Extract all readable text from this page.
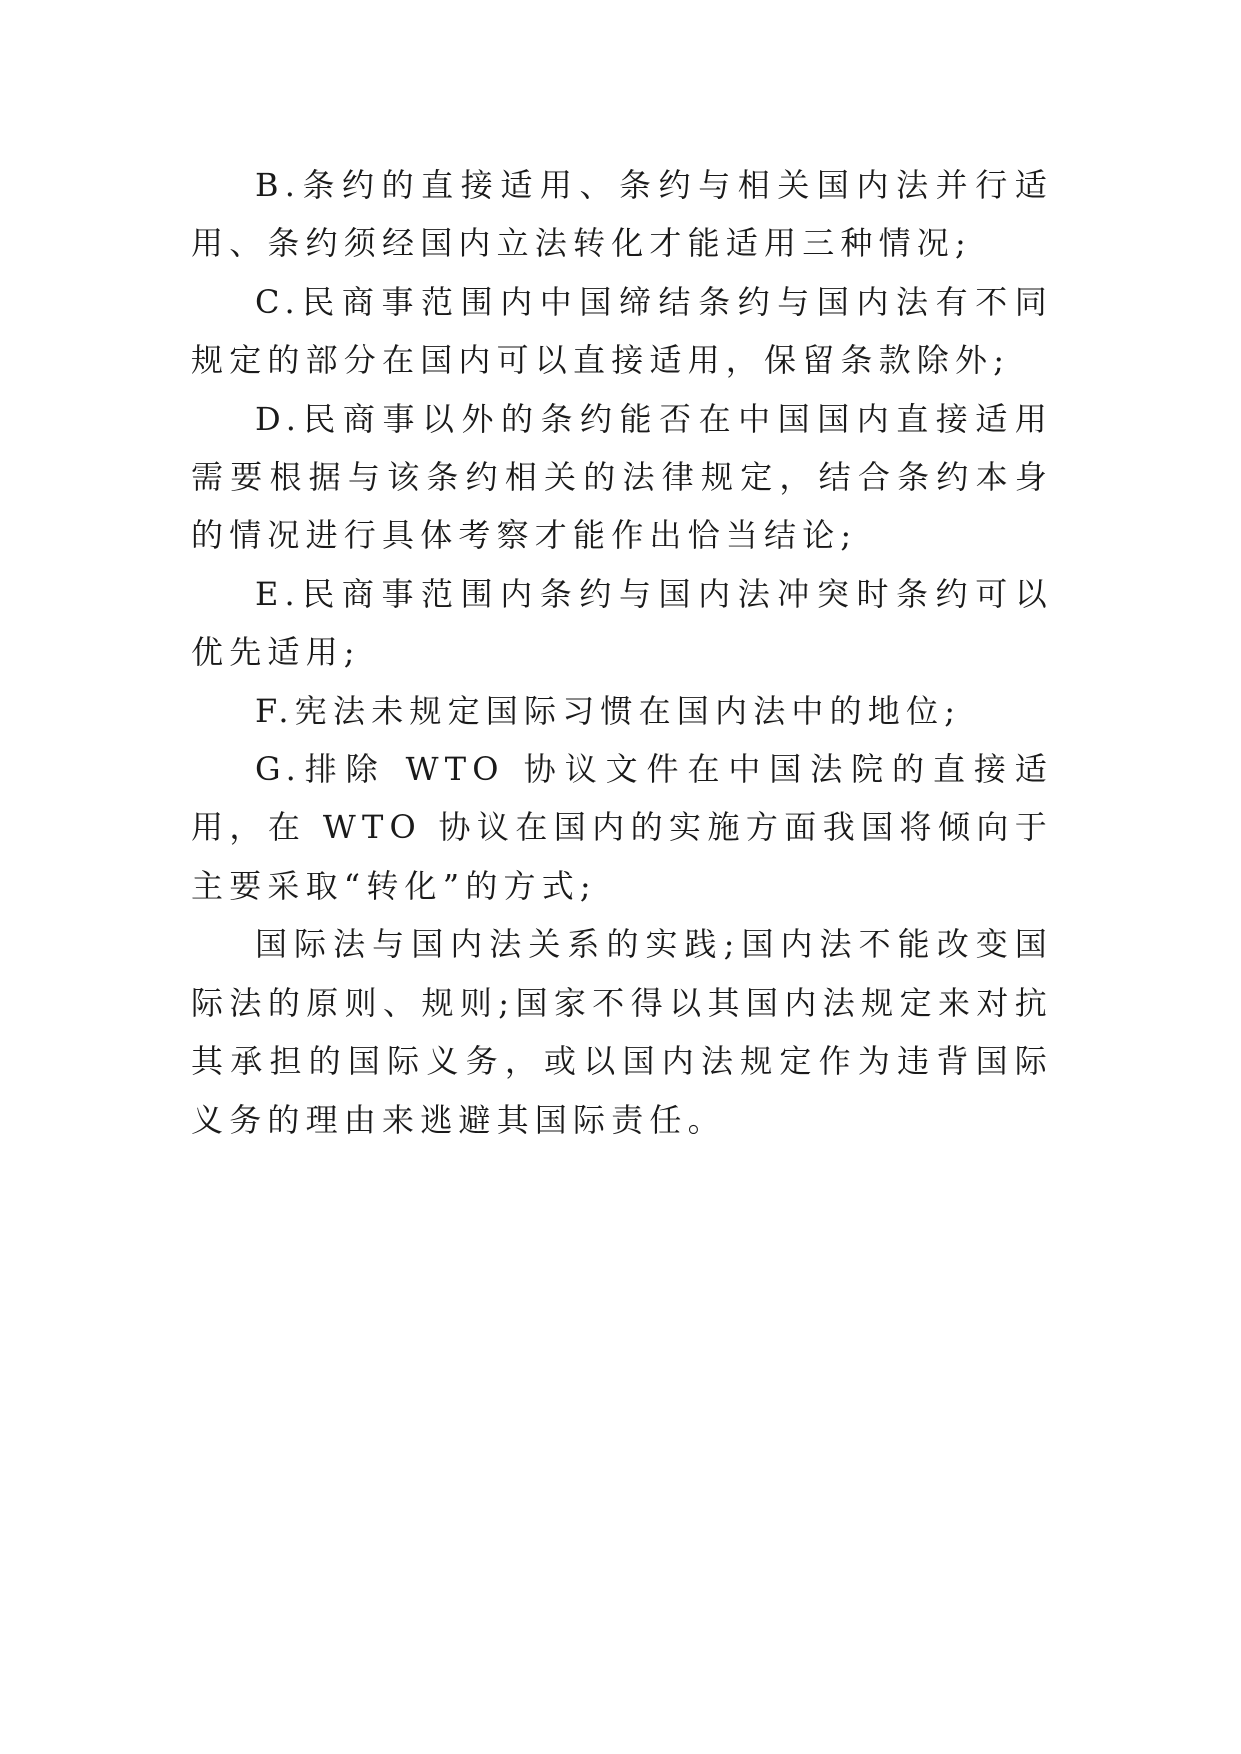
B.条约的直接适用、条约与相关国内法并行适用、条约须经国内立法转化才能适用三种情况;

C.民商事范围内中国缔结条约与国内法有不同规定的部分在国内可以直接适用，保留条款除外;

D.民商事以外的条约能否在中国国内直接适用需要根据与该条约相关的法律规定，结合条约本身的情况进行具体考察才能作出恰当结论;

E.民商事范围内条约与国内法冲突时条约可以优先适用;

F.宪法未规定国际习惯在国内法中的地位;

G.排除 WTO 协议文件在中国法院的直接适用，在 WTO 协议在国内的实施方面我国将倾向于主要采取“转化”的方式;

国际法与国内法关系的实践;国内法不能改变国际法的原则、规则;国家不得以其国内法规定来对抗其承担的国际义务，或以国内法规定作为违背国际义务的理由来逃避其国际责任。
